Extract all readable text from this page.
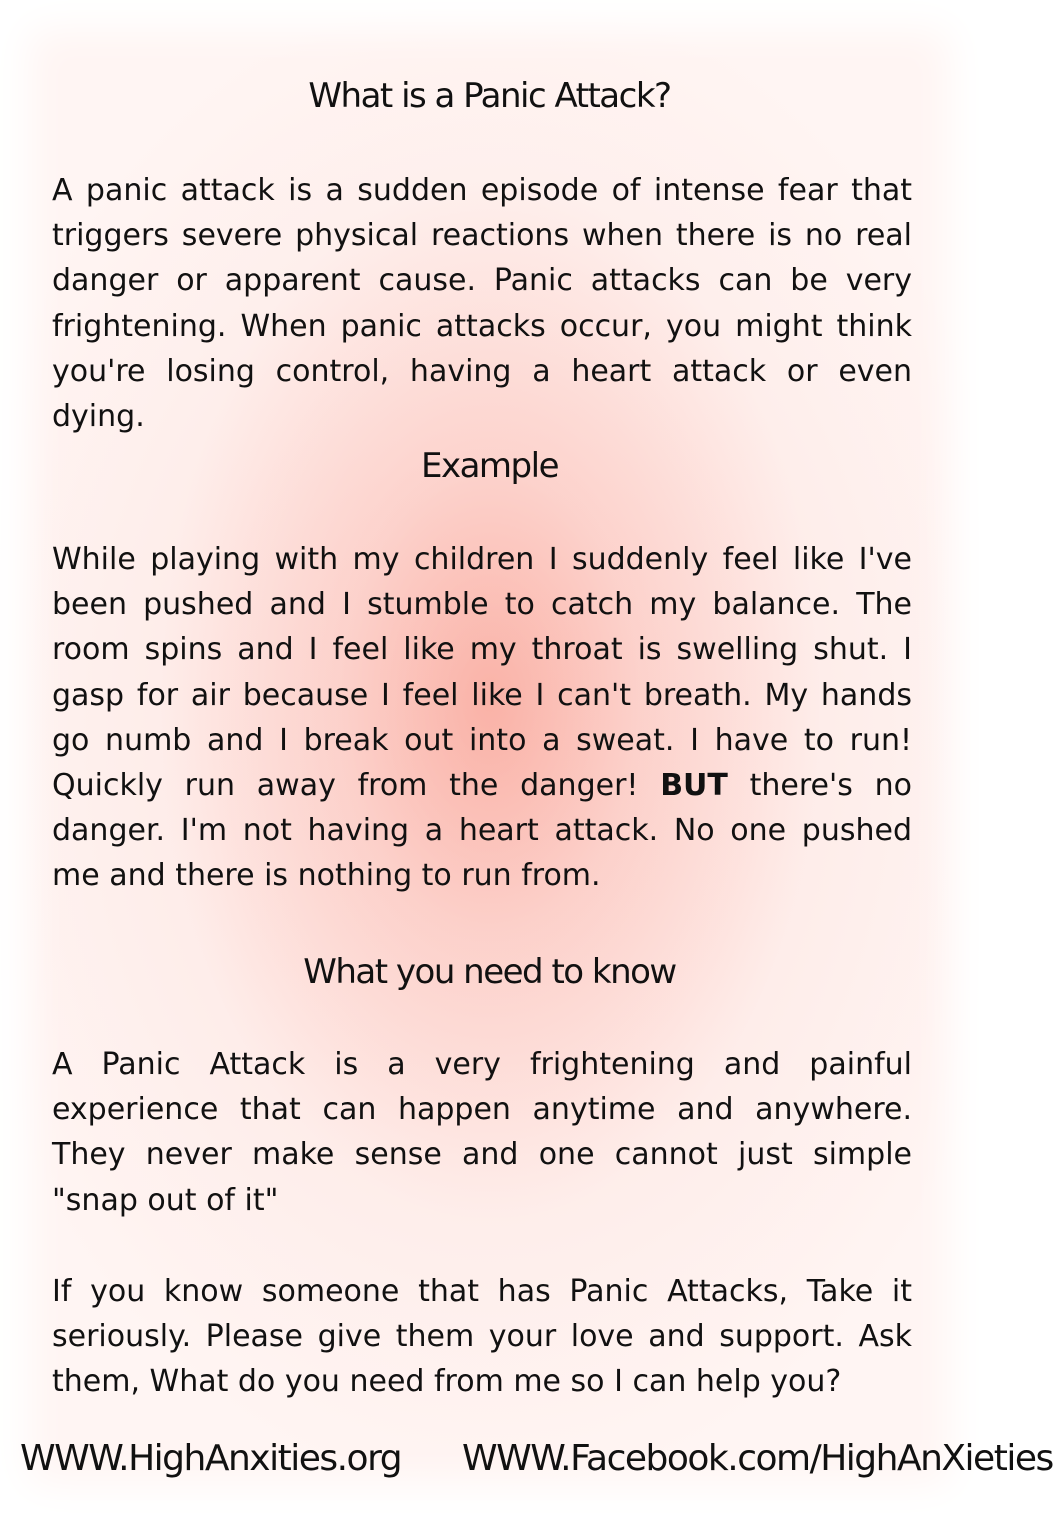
What is a Panic Attack?

A panic attack is a sudden episode of intense fear that triggers severe physical reactions when there is no real danger or apparent cause. Panic attacks can be very frightening. When panic attacks occur, you might think you're losing control, having a heart attack or even dying.

Example

While playing with my children I suddenly feel like I've been pushed and I stumble to catch my balance. The room spins and I feel like my throat is swelling shut. I gasp for air because I feel like I can't breath. My hands go numb and I break out into a sweat. I have to run! Quickly run away from the danger! BUT there's no danger. I'm not having a heart attack. No one pushed me and there is nothing to run from.

What you need to know

A Panic Attack is a very frightening and painful experience that can happen anytime and anywhere. They never make sense and one cannot just simple "snap out of it"

If you know someone that has Panic Attacks, Take it seriously. Please give them your love and support. Ask them, What do you need from me so I can help you?

WWW.HighAnxities.org WWW.Facebook.com/HighAnXieties
